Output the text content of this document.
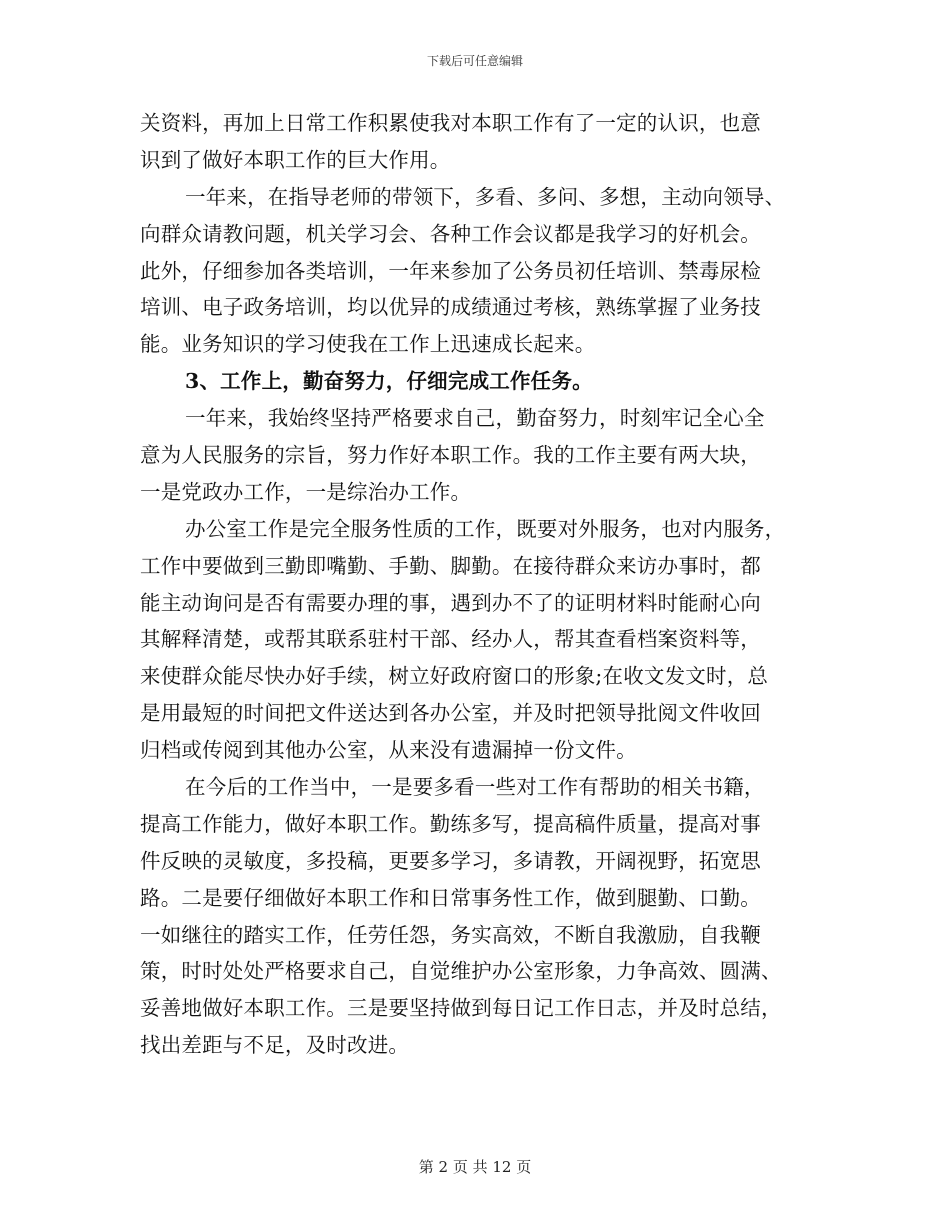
下载后可任意编辑
关资料，再加上日常工作积累使我对本职工作有了一定的认识，也意
识到了做好本职工作的巨大作用。
一年来，在指导老师的带领下，多看、多问、多想，主动向领导、
向群众请教问题，机关学习会、各种工作会议都是我学习的好机会。
此外，仔细参加各类培训，一年来参加了公务员初任培训、禁毒尿检
培训、电子政务培训，均以优异的成绩通过考核，熟练掌握了业务技
能。业务知识的学习使我在工作上迅速成长起来。
3、工作上，勤奋努力，仔细完成工作任务。
一年来，我始终坚持严格要求自己，勤奋努力，时刻牢记全心全
意为人民服务的宗旨，努力作好本职工作。我的工作主要有两大块，
一是党政办工作，一是综治办工作。
办公室工作是完全服务性质的工作，既要对外服务，也对内服务，
工作中要做到三勤即嘴勤、手勤、脚勤。在接待群众来访办事时，都
能主动询问是否有需要办理的事，遇到办不了的证明材料时能耐心向
其解释清楚，或帮其联系驻村干部、经办人，帮其查看档案资料等，
来使群众能尽快办好手续，树立好政府窗口的形象;在收文发文时，总
是用最短的时间把文件送达到各办公室，并及时把领导批阅文件收回
归档或传阅到其他办公室，从来没有遗漏掉一份文件。
在今后的工作当中，一是要多看一些对工作有帮助的相关书籍，
提高工作能力，做好本职工作。勤练多写，提高稿件质量，提高对事
件反映的灵敏度，多投稿，更要多学习，多请教，开阔视野，拓宽思
路。二是要仔细做好本职工作和日常事务性工作，做到腿勤、口勤。
一如继往的踏实工作，任劳任怨，务实高效，不断自我激励，自我鞭
策，时时处处严格要求自己，自觉维护办公室形象，力争高效、圆满、
妥善地做好本职工作。三是要坚持做到每日记工作日志，并及时总结，
找出差距与不足，及时改进。
第 2 页 共 12 页
